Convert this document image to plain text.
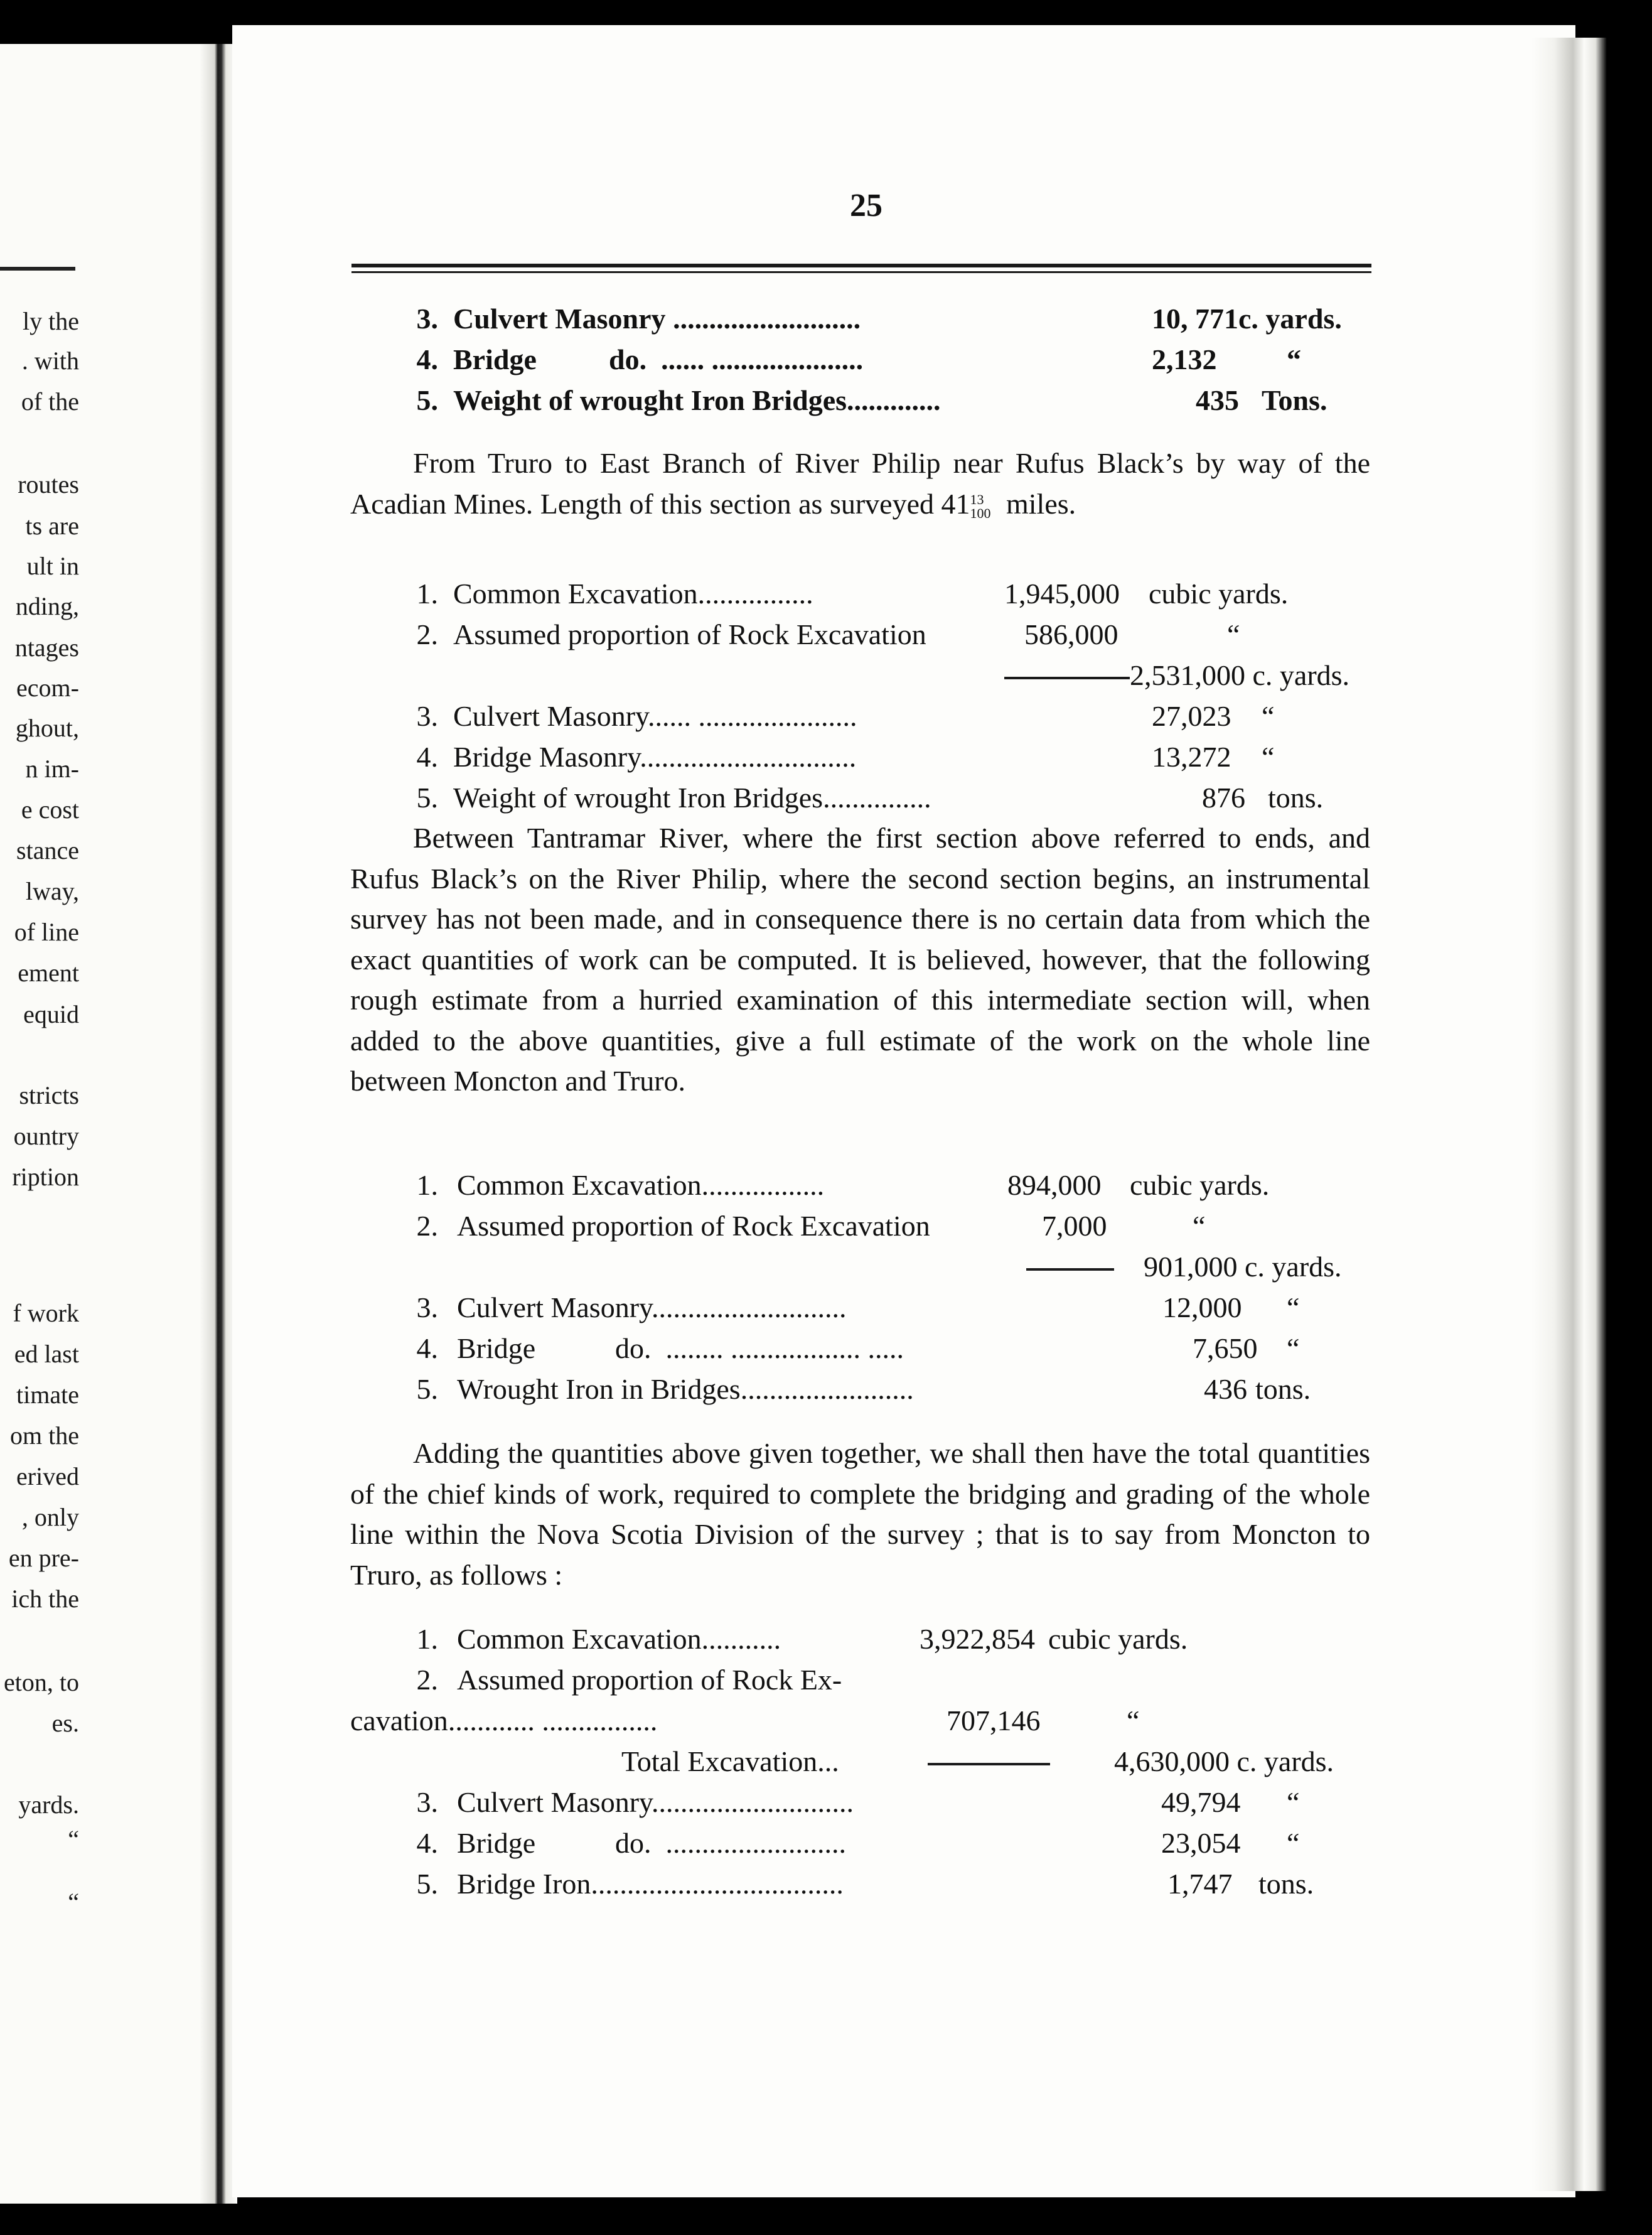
ly the
. with
of the
routes
ts are
ult in
nding,
ntages
ecom-
ghout,
n im-
e cost
stance
lway,
of line
ement
equid
stricts
ountry
ription
f work
ed last
timate
om the
erived
, only
en pre-
ich the
eton, to
es.
yards.
“
“
25
3. Culvert Masonry ..........................	10, 771c. yards.
4. Bridge	do.  ...... .....................	2,132 “
5. Weight of wrought Iron Bridges.............	435 Tons.
From Truro to East Branch of River Philip near Rufus Black’s by way of the Acadian Mines. Length of this section as surveyed 41 13
100 miles.
1. Common Excavation................	1,945,000 cubic yards.
2. Assumed proportion of Rock Excavation	586,000	“
2,531,000 c. yards.
3. Culvert Masonry...... ......................	27,023 “
4. Bridge Masonry..............................	13,272 “
5. Weight of wrought Iron Bridges...............	876 tons.
Between Tantramar River, where the first section above referred to ends, and Rufus Black’s on the River Philip, where the second section begins, an instrumental survey has not been made, and in consequence there is no certain data from which the exact quantities of work can be computed. It is believed, however, that the following rough estimate from a hurried examination of this intermediate section will, when added to the above quantities, give a full estimate of the work on the whole line between Moncton and Truro.
1. Common Excavation.................	894,000 cubic yards.
2. Assumed proportion of Rock Excavation	7,000	“
901,000 c. yards.
3. Culvert Masonry...........................	12,000 “
4. Bridge	do.  ........ .................. .....	7,650 “
5. Wrought Iron in Bridges........................	436 tons.
Adding the quantities above given together, we shall then have the total quantities of the chief kinds of work, required to complete the bridging and grading of the whole line within the Nova Scotia Division of the survey ; that is to say from Moncton to Truro, as follows :
1. Common Excavation...........	3,922,854 cubic yards.
2. Assumed proportion of Rock Ex-
cavation............ ................	707,146	“
Total Excavation...	4,630,000 c. yards.
3. Culvert Masonry............................	49,794 “
4. Bridge	do.  .........................	23,054 “
5. Bridge Iron...................................	1,747 tons.
